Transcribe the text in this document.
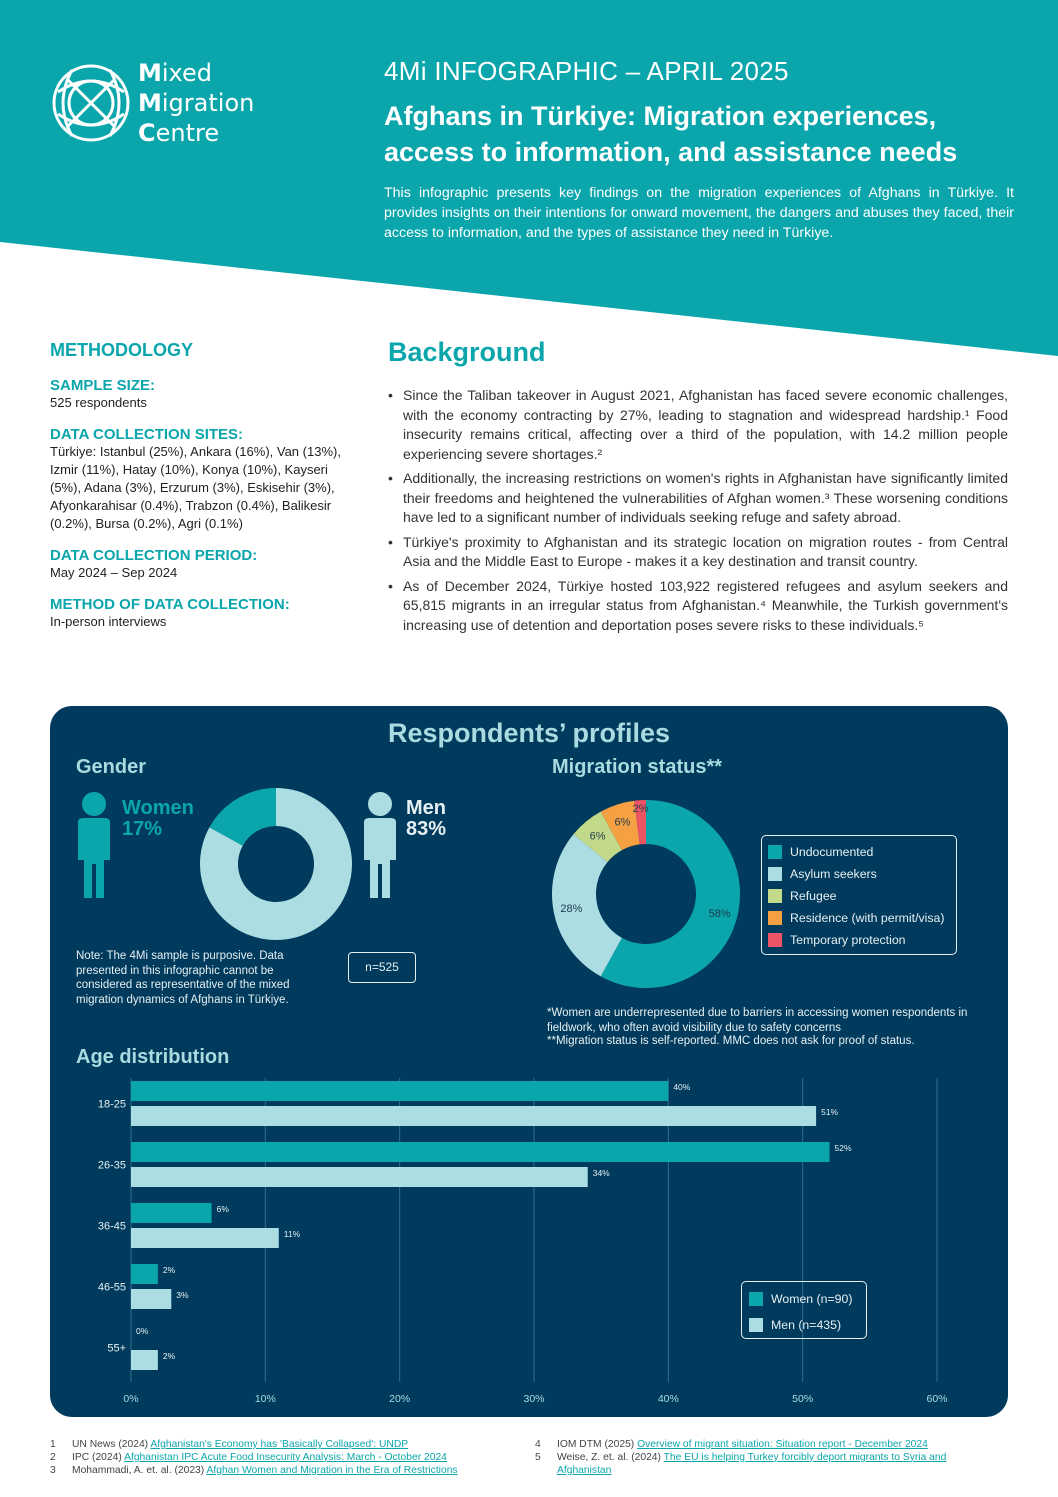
Mixed
Migration
Centre
4Mi INFOGRAPHIC – APRIL 2025
Afghans in Türkiye: Migration experiences, access to information, and assistance needs
This infographic presents key findings on the migration experiences of Afghans in Türkiye. It provides insights on their intentions for onward movement, the dangers and abuses they faced, their access to information, and the types of assistance they need in Türkiye.
METHODOLOGY
SAMPLE SIZE:

525 respondents

DATA COLLECTION SITES:

Türkiye: Istanbul (25%), Ankara (16%), Van (13%), Izmir (11%), Hatay (10%), Konya (10%), Kayseri (5%), Adana (3%), Erzurum (3%), Eskisehir (3%), Afyonkarahisar (0.4%), Trabzon (0.4%), Balikesir (0.2%), Bursa (0.2%), Agri (0.1%)

DATA COLLECTION PERIOD:

May 2024 – Sep 2024

METHOD OF DATA COLLECTION:

In-person interviews

Background
• Since the Taliban takeover in August 2021, Afghanistan has faced severe economic challenges, with the economy contracting by 27%, leading to stagnation and widespread hardship.¹ Food insecurity remains critical, affecting over a third of the population, with 14.2 million people experiencing severe shortages.²
• Additionally, the increasing restrictions on women's rights in Afghanistan have significantly limited their freedoms and heightened the vulnerabilities of Afghan women.³ These worsening conditions have led to a significant number of individuals seeking refuge and safety abroad.
• Türkiye's proximity to Afghanistan and its strategic location on migration routes - from Central Asia and the Middle East to Europe - makes it a key destination and transit country.
• As of December 2024, Türkiye hosted 103,922 registered refugees and asylum seekers and 65,815 migrants in an irregular status from Afghanistan.⁴ Meanwhile, the Turkish government's increasing use of detention and deportation poses severe risks to these individuals.⁵
Respondents’ profiles
Gender
Women
17%
Men
83%
Note: The 4Mi sample is purposive. Data presented in this infographic cannot be considered as representative of the mixed migration dynamics of Afghans in Türkiye.
n=525
Migration status**
58%
28%
6%
6%
2%
Undocumented
Asylum seekers
Refugee
Residence (with permit/visa)
Temporary protection
*Women are underrepresented due to barriers in accessing women respondents in fieldwork, who often avoid visibility due to safety concerns
**Migration status is self-reported. MMC does not ask for proof of status.
Age distribution
0%	10%	20%	30%	40%	50%	60%
18-25
40%
51%
26-35
52%
34%
36-45
6%
11%
46-55
2%
3%
55+
0%
2%
Women (n=90)
Men (n=435)
1	UN News (2024) Afghanistan's Economy has 'Basically Collapsed': UNDP
2	IPC (2024) Afghanistan IPC Acute Food Insecurity Analysis: March - October 2024
3	Mohammadi, A. et. al. (2023) Afghan Women and Migration in the Era of Restrictions
4	IOM DTM (2025) Overview of migrant situation: Situation report - December 2024
5	Weise, Z. et. al. (2024) The EU is helping Turkey forcibly deport migrants to Syria and Afghanistan
